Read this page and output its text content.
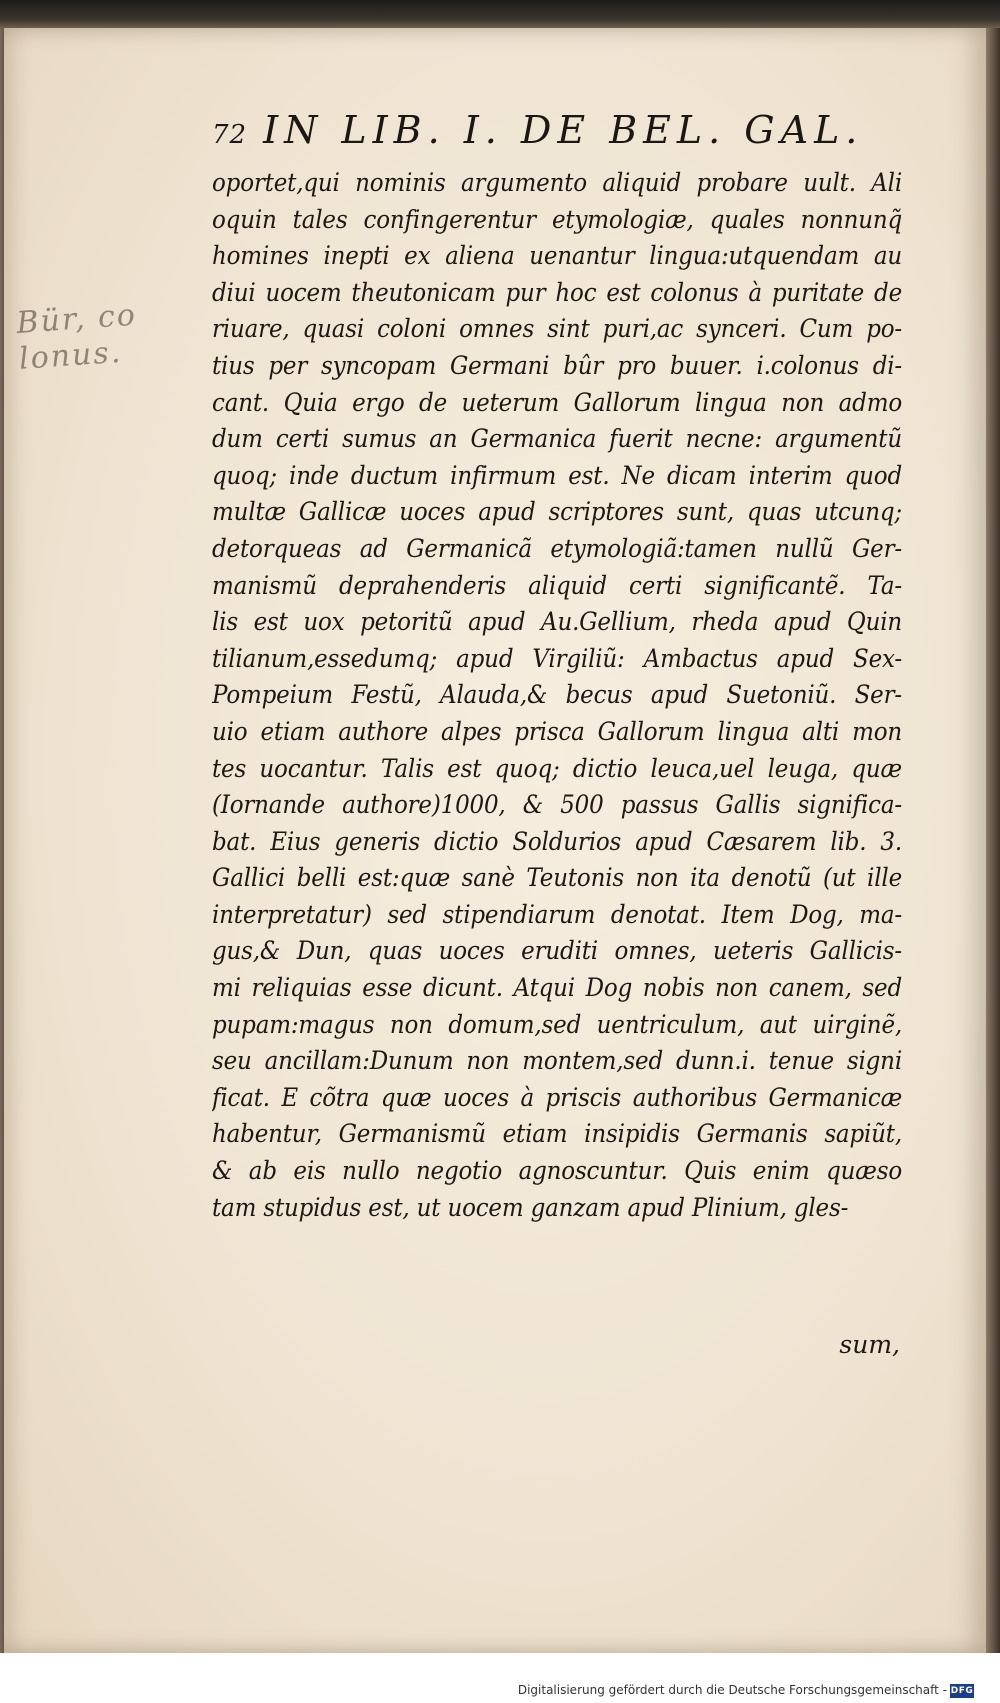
72 IN LIB. I. DE BEL. GAL.
Bür, co
lonus.
oportet,qui nominis argumento aliquid probare uult. Ali
oquin tales confingerentur etymologiæ, quales nonnunq̃
homines inepti ex aliena uenantur lingua:utquendam au
diui uocem theutonicam pur hoc est colonus à puritate de
riuare, quasi coloni omnes sint puri,ac synceri. Cum po-
tius per syncopam Germani bûr pro buuer. i.colonus di-
cant. Quia ergo de ueterum Gallorum lingua non admo
dum certi sumus an Germanica fuerit necne: argumentũ
quoq; inde ductum infirmum est. Ne dicam interim quod
multæ Gallicæ uoces apud scriptores sunt, quas utcunq;
detorqueas ad Germanicã etymologiã:tamen nullũ Ger-
manismũ deprahenderis aliquid certi significantẽ. Ta-
lis est uox petoritũ apud Au.Gellium, rheda apud Quin
tilianum,essedumq; apud Virgiliũ: Ambactus apud Sex-
Pompeium Festũ, Alauda,& becus apud Suetoniũ. Ser-
uio etiam authore alpes prisca Gallorum lingua alti mon
tes uocantur. Talis est quoq; dictio leuca,uel leuga, quæ
(Iornande authore)1000, & 500 passus Gallis significa-
bat. Eius generis dictio Soldurios apud Cæsarem lib. 3.
Gallici belli est:quæ sanè Teutonis non ita denotũ (ut ille
interpretatur) sed stipendiarum denotat. Item Dog, ma-
gus,& Dun, quas uoces eruditi omnes, ueteris Gallicis-
mi reliquias esse dicunt. Atqui Dog nobis non canem, sed
pupam:magus non domum,sed uentriculum, aut uirginẽ,
seu ancillam:Dunum non montem,sed dunn.i. tenue signi
ficat. E cõtra quæ uoces à priscis authoribus Germanicæ
habentur, Germanismũ etiam insipidis Germanis sapiũt,
& ab eis nullo negotio agnoscuntur. Quis enim quæso
tam stupidus est, ut uocem ganzam apud Plinium, gles-
sum,
Digitalisierung gefördert durch die Deutsche Forschungsgemeinschaft - DFG
